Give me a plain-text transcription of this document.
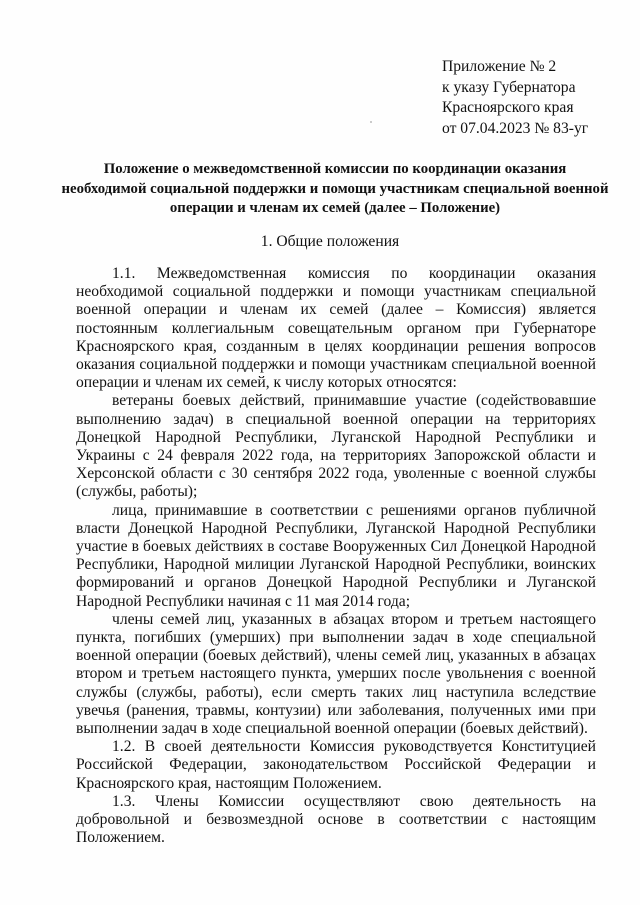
Приложение № 2
к указу Губернатора
Красноярского края
от 07.04.2023 № 83-уг
Положение о межведомственной комиссии по координации оказания необходимой социальной поддержки и помощи участникам специальной военной операции и членам их семей (далее – Положение)
1. Общие положения

1.1. Межведомственная комиссия по координации оказания необходимой социальной поддержки и помощи участникам специальной военной операции и членам их семей (далее – Комиссия) является постоянным коллегиальным совещательным органом при Губернаторе Красноярского края, созданным в целях координации решения вопросов оказания социальной поддержки и помощи участникам специальной военной операции и членам их семей, к числу которых относятся:

ветераны боевых действий, принимавшие участие (содействовавшие выполнению задач) в специальной военной операции на территориях Донецкой Народной Республики, Луганской Народной Республики и Украины с 24 февраля 2022 года, на территориях Запорожской области и Херсонской области с 30 сентября 2022 года, уволенные с военной службы (службы, работы);

лица, принимавшие в соответствии с решениями органов публичной власти Донецкой Народной Республики, Луганской Народной Республики участие в боевых действиях в составе Вооруженных Сил Донецкой Народной Республики, Народной милиции Луганской Народной Республики, воинских формирований и органов Донецкой Народной Республики и Луганской Народной Республики начиная с 11 мая 2014 года;

члены семей лиц, указанных в абзацах втором и третьем настоящего пункта, погибших (умерших) при выполнении задач в ходе специальной военной операции (боевых действий), члены семей лиц, указанных в абзацах втором и третьем настоящего пункта, умерших после увольнения с военной службы (службы, работы), если смерть таких лиц наступила вследствие увечья (ранения, травмы, контузии) или заболевания, полученных ими при выполнении задач в ходе специальной военной операции (боевых действий).

1.2. В своей деятельности Комиссия руководствуется Конституцией Российской Федерации, законодательством Российской Федерации и Красноярского края, настоящим Положением.

1.3. Члены Комиссии осуществляют свою деятельность на добровольной и безвозмездной основе в соответствии с настоящим Положением.
